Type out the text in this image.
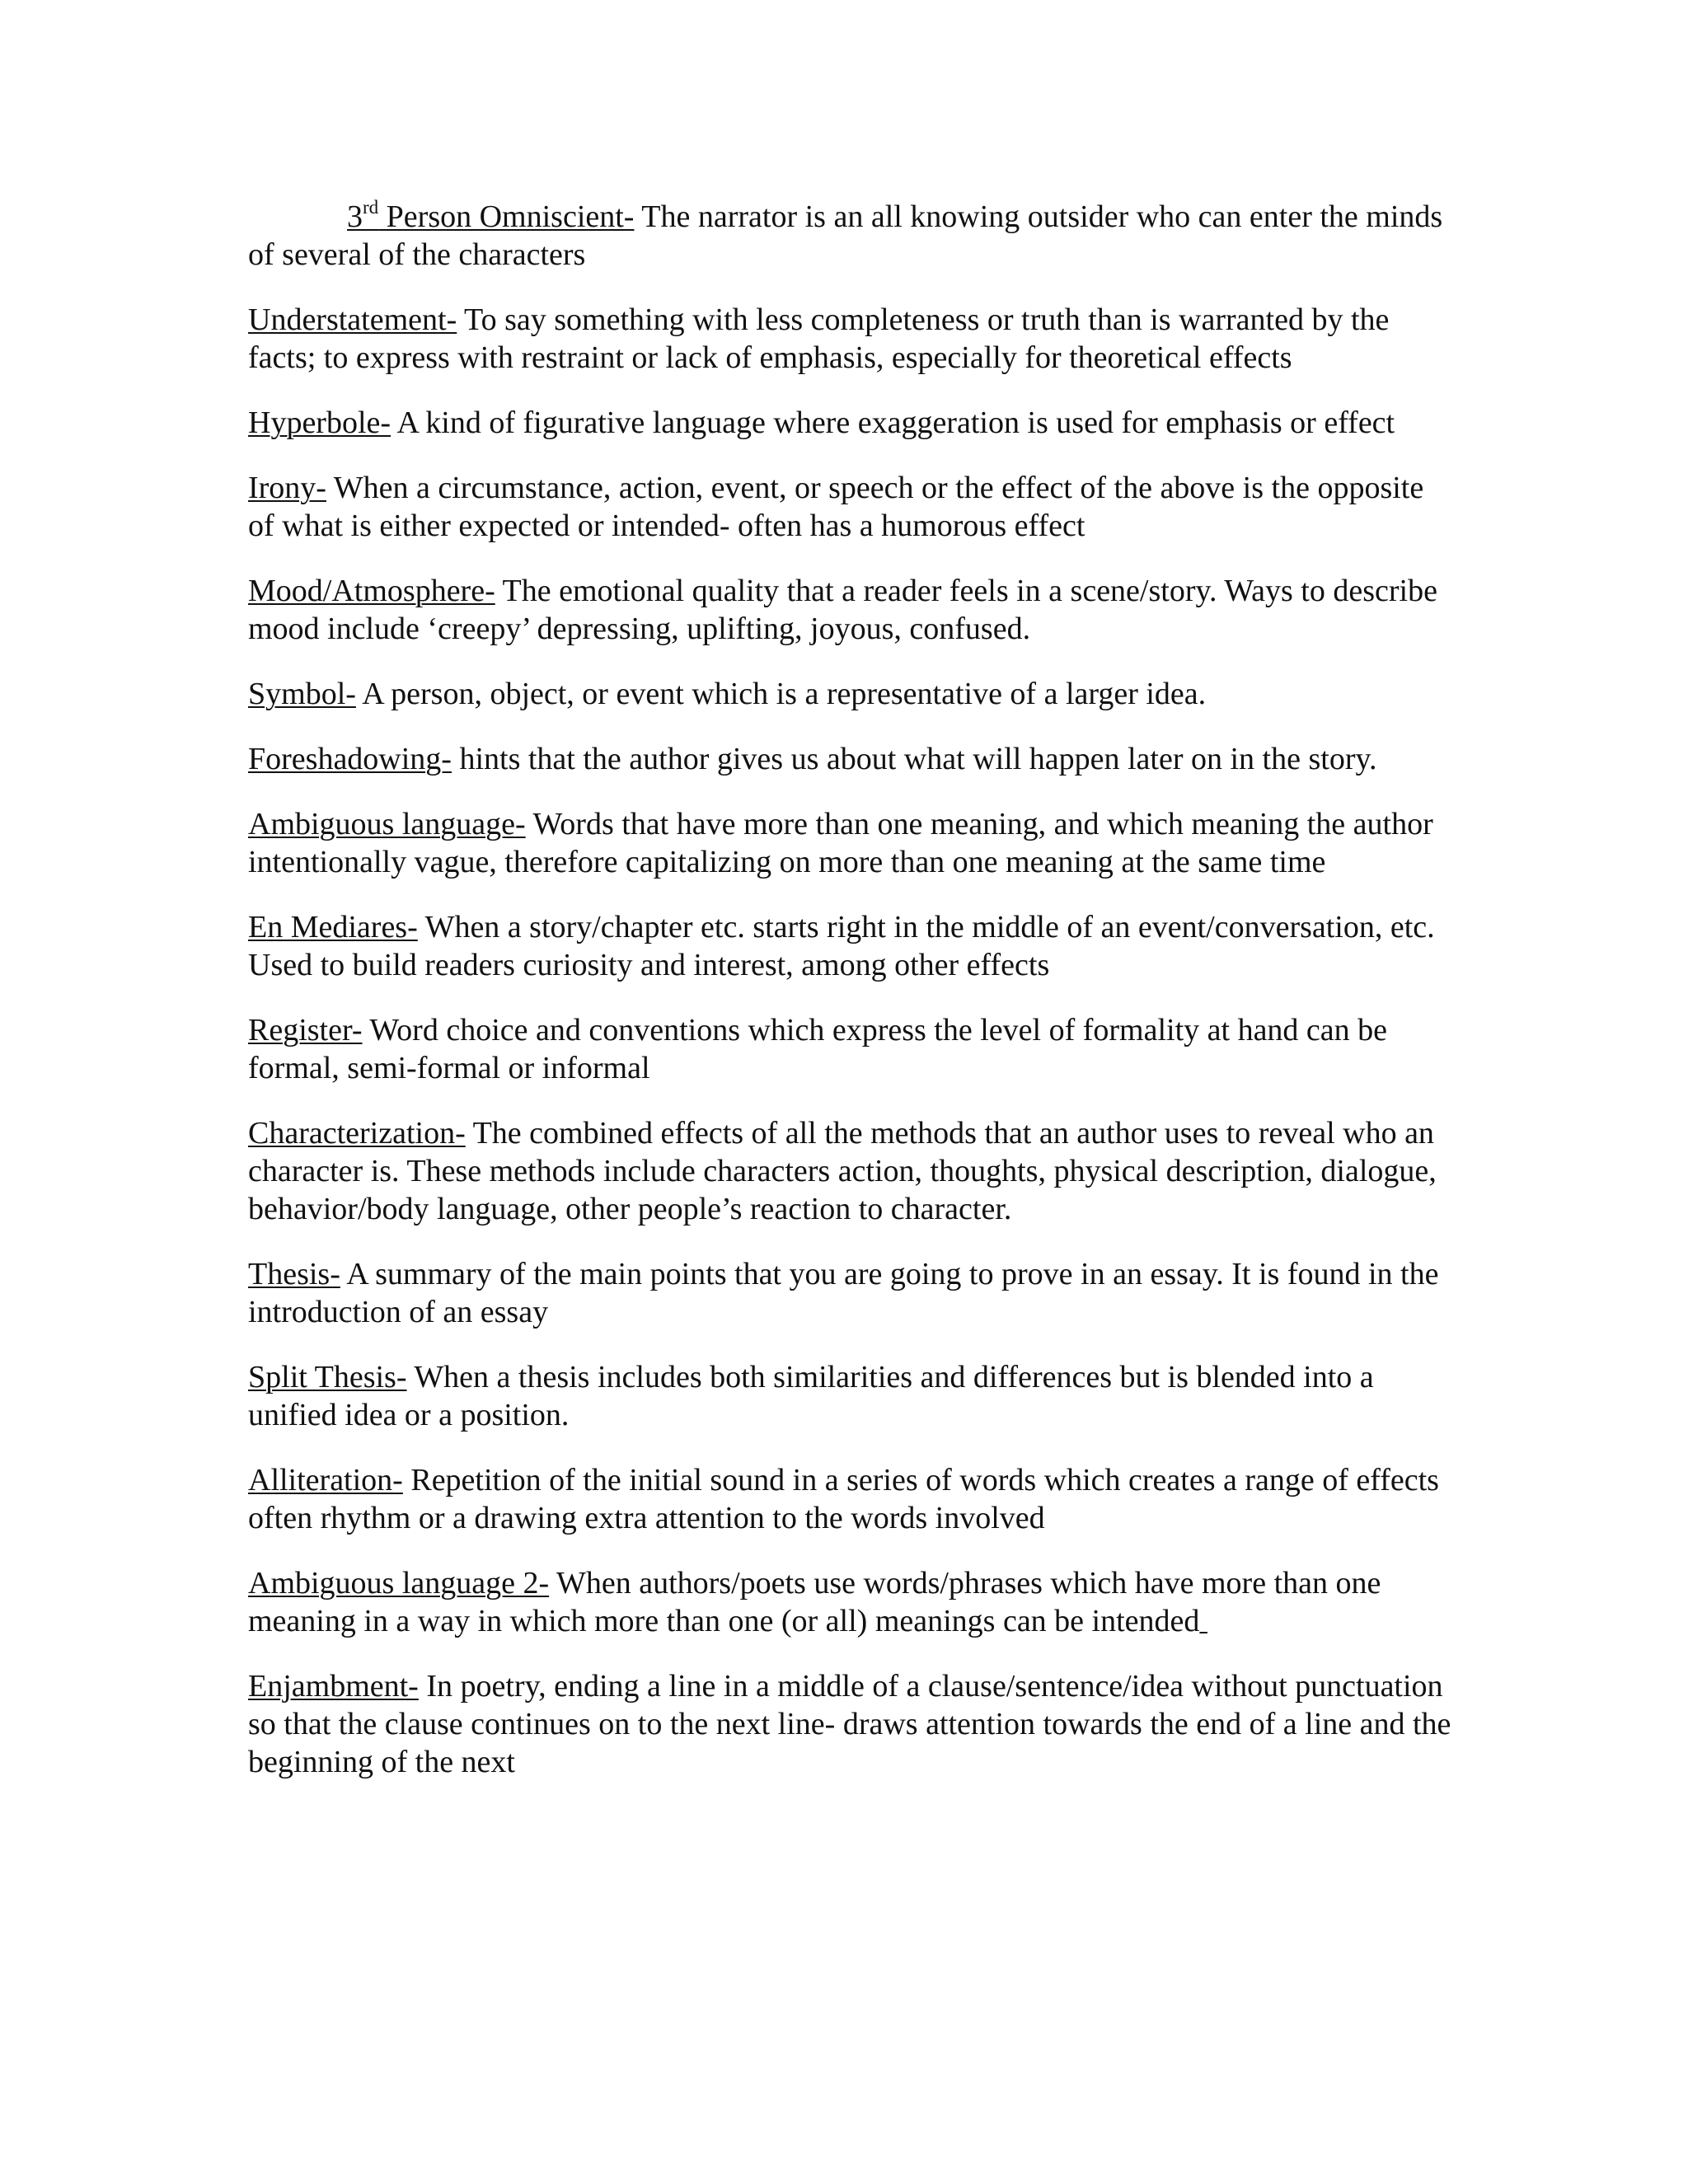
3rd Person Omniscient- The narrator is an all knowing outsider who can enter the minds of several of the characters

Understatement- To say something with less completeness or truth than is warranted by the facts; to express with restraint or lack of emphasis, especially for theoretical effects

Hyperbole- A kind of figurative language where exaggeration is used for emphasis or effect

Irony- When a circumstance, action, event, or speech or the effect of the above is the opposite of what is either expected or intended- often has a humorous effect

Mood/Atmosphere- The emotional quality that a reader feels in a scene/story. Ways to describe mood include ‘creepy’ depressing, uplifting, joyous, confused.

Symbol- A person, object, or event which is a representative of a larger idea.

Foreshadowing- hints that the author gives us about what will happen later on in the story.

Ambiguous language- Words that have more than one meaning, and which meaning the author intentionally vague, therefore capitalizing on more than one meaning at the same time

En Mediares- When a story/chapter etc. starts right in the middle of an event/conversation, etc. Used to build readers curiosity and interest, among other effects

Register- Word choice and conventions which express the level of formality at hand can be formal, semi-formal or informal

Characterization- The combined effects of all the methods that an author uses to reveal who an character is. These methods include characters action, thoughts, physical description, dialogue, behavior/body language, other people’s reaction to character.

Thesis- A summary of the main points that you are going to prove in an essay. It is found in the introduction of an essay

Split Thesis- When a thesis includes both similarities and differences but is blended into a unified idea or a position.

Alliteration- Repetition of the initial sound in a series of words which creates a range of effects often rhythm or a drawing extra attention to the words involved

Ambiguous language 2- When authors/poets use words/phrases which have more than one meaning in a way in which more than one (or all) meanings can be intended

Enjambment- In poetry, ending a line in a middle of a clause/sentence/idea without punctuation so that the clause continues on to the next line- draws attention towards the end of a line and the beginning of the next
